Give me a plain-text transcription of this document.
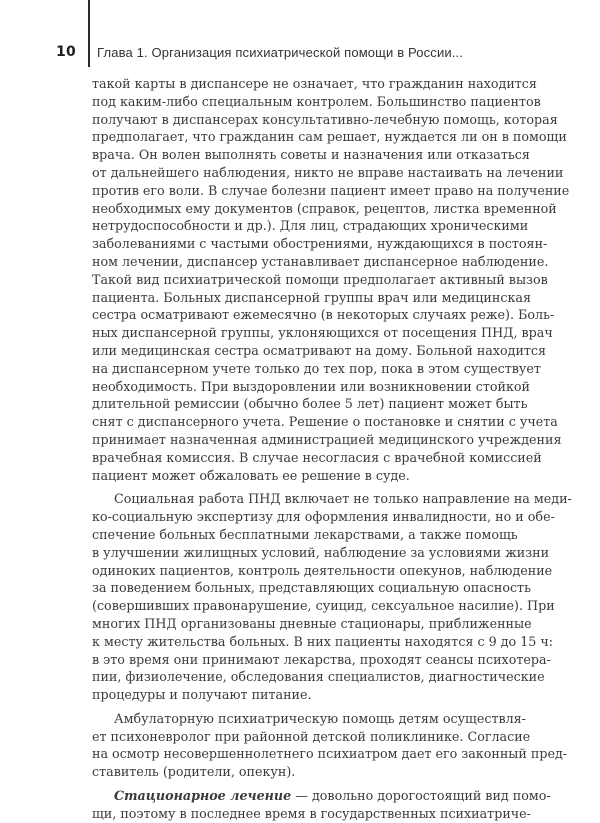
10 Глава 1. Организация психиатрической помощи в России...
такой карты в диспансере не означает, что гражданин находится
под каким-либо специальным контролем. Большинство пациентов
получают в диспансерах консультативно-лечебную помощь, которая
предполагает, что гражданин сам решает, нуждается ли он в помощи
врача. Он волен выполнять советы и назначения или отказаться
от дальнейшего наблюдения, никто не вправе настаивать на лечении
против его воли. В случае болезни пациент имеет право на получение
необходимых ему документов (справок, рецептов, листка временной
нетрудоспособности и др.). Для лиц, страдающих хроническими
заболеваниями с частыми обострениями, нуждающихся в постоян-
ном лечении, диспансер устанавливает диспансерное наблюдение.
Такой вид психиатрической помощи предполагает активный вызов
пациента. Больных диспансерной группы врач или медицинская
сестра осматривают ежемесячно (в некоторых случаях реже). Боль-
ных диспансерной группы, уклоняющихся от посещения ПНД, врач
или медицинская сестра осматривают на дому. Больной находится
на диспансерном учете только до тех пор, пока в этом существует
необходимость. При выздоровлении или возникновении стойкой
длительной ремиссии (обычно более 5 лет) пациент может быть
снят с диспансерного учета. Решение о постановке и снятии с учета
принимает назначенная администрацией медицинского учреждения
врачебная комиссия. В случае несогласия с врачебной комиссией
пациент может обжаловать ее решение в суде.
Социальная работа ПНД включает не только направление на меди-
ко-социальную экспертизу для оформления инвалидности, но и обе-
спечение больных бесплатными лекарствами, а также помощь
в улучшении жилищных условий, наблюдение за условиями жизни
одиноких пациентов, контроль деятельности опекунов, наблюдение
за поведением больных, представляющих социальную опасность
(совершивших правонарушение, суицид, сексуальное насилие). При
многих ПНД организованы дневные стационары, приближенные
к месту жительства больных. В них пациенты находятся с 9 до 15 ч:
в это время они принимают лекарства, проходят сеансы психотера-
пии, физиолечение, обследования специалистов, диагностические
процедуры и получают питание.
Амбулаторную психиатрическую помощь детям осуществля-
ет психоневролог при районной детской поликлинике. Согласие
на осмотр несовершеннолетнего психиатром дает его законный пред-
ставитель (родители, опекун).
Стационарное лечение — довольно дорогостоящий вид помо-
щи, поэтому в последнее время в государственных психиатриче-
